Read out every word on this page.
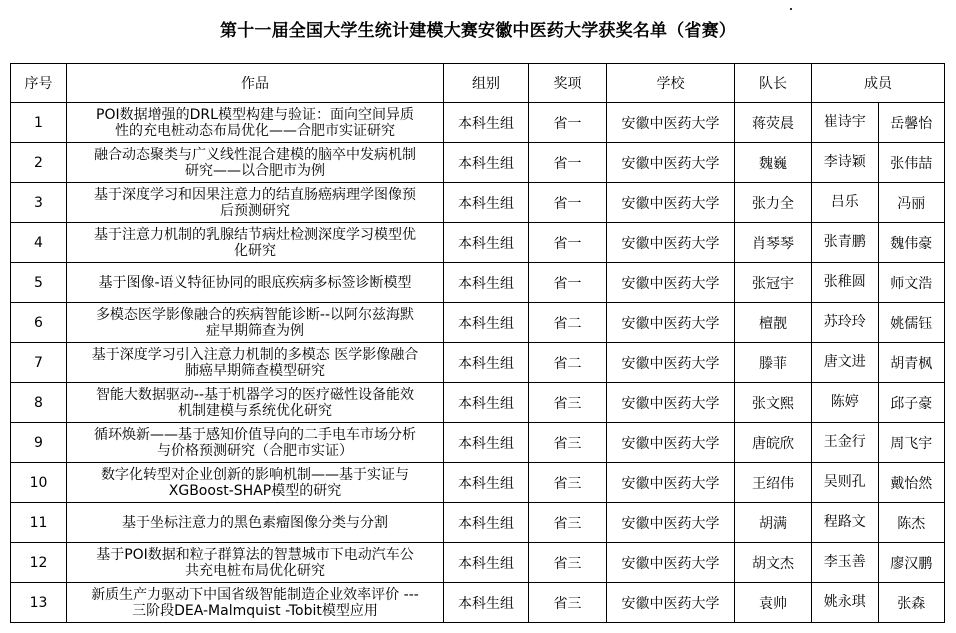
第十一届全国大学生统计建模大赛安徽中医药大学获奖名单（省赛）
序号	作品	组别	奖项	学校	队长	成员
1	POI数据增强的DRL模型构建与验证：面向空间异质
性的充电桩动态布局优化——合肥市实证研究	本科生组	省一	安徽中医药大学	蒋荧晨	崔诗宇 岳馨怡

2	融合动态聚类与广义线性混合建模的脑卒中发病机制
研究——以合肥市为例	本科生组	省一	安徽中医药大学	魏巍	李诗颖 张伟喆

3	基于深度学习和因果注意力的结直肠癌病理学图像预
后预测研究	本科生组	省一	安徽中医药大学	张力全	吕乐 冯丽

4	基于注意力机制的乳腺结节病灶检测深度学习模型优
化研究	本科生组	省一	安徽中医药大学	肖琴琴	张青鹏 魏伟豪

5	基于图像-语义特征协同的眼底疾病多标签诊断模型	本科生组	省一	安徽中医药大学	张冠宇	张稚圆 师文浩

6	多模态医学影像融合的疾病智能诊断--以阿尔兹海默
症早期筛查为例	本科生组	省二	安徽中医药大学	檀靓	苏玲玲 姚儒钰

7	基于深度学习引入注意力机制的多模态 医学影像融合
肺癌早期筛查模型研究	本科生组	省二	安徽中医药大学	滕菲	唐文进 胡青枫

8	智能大数据驱动--基于机器学习的医疗磁性设备能效
机制建模与系统优化研究	本科生组	省三	安徽中医药大学	张文熙	陈婷 邱子豪

9	循环焕新——基于感知价值导向的二手电车市场分析
与价格预测研究（合肥市实证）	本科生组	省三	安徽中医药大学	唐皖欣	王金行 周飞宇

10	数字化转型对企业创新的影响机制——基于实证与
XGBoost-SHAP模型的研究	本科生组	省三	安徽中医药大学	王绍伟	吴则孔 戴怡然

11	基于坐标注意力的黑色素瘤图像分类与分割	本科生组	省三	安徽中医药大学	胡满	程路文 陈杰

12	基于POI数据和粒子群算法的智慧城市下电动汽车公
共充电桩布局优化研究	本科生组	省三	安徽中医药大学	胡文杰	李玉善 廖汉鹏

13	新质生产力驱动下中国省级智能制造企业效率评价 ---
三阶段DEA-Malmquist -Tobit模型应用	本科生组	省三	安徽中医药大学	袁帅	姚永琪 张森
